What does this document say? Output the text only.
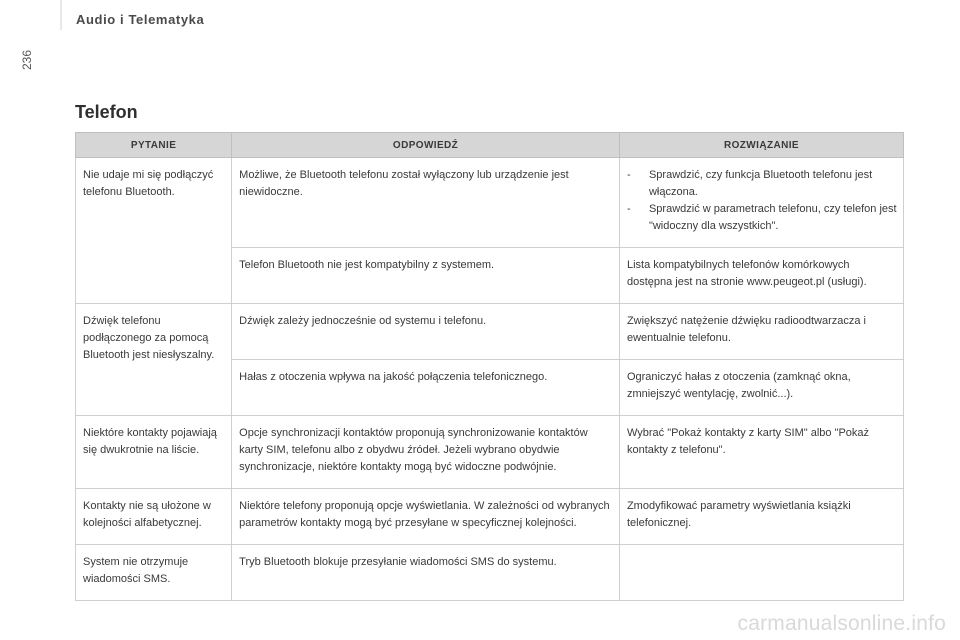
Audio i Telematyka
236
Telefon
PYTANIE	ODPOWIEDŹ	ROZWIĄZANIE
Nie udaje mi się podłączyć telefonu Bluetooth.	Możliwe, że Bluetooth telefonu został wyłączony lub urządzenie jest niewidoczne.	- Sprawdzić, czy funkcja Bluetooth telefonu jest włączona.
- Sprawdzić w parametrach telefonu, czy telefon jest "widoczny dla wszystkich".

	Telefon Bluetooth nie jest kompatybilny z systemem.	Lista kompatybilnych telefonów komórkowych dostępna jest na stronie www.peugeot.pl (usługi).
Dźwięk telefonu podłączonego za pomocą Bluetooth jest niesłyszalny.	Dźwięk zależy jednocześnie od systemu i telefonu.	Zwiększyć natężenie dźwięku radioodtwarzacza i ewentualnie telefonu.
	Hałas z otoczenia wpływa na jakość połączenia telefonicznego.	Ograniczyć hałas z otoczenia (zamknąć okna, zmniejszyć wentylację, zwolnić...).
Niektóre kontakty pojawiają się dwukrotnie na liście.	Opcje synchronizacji kontaktów proponują synchronizowanie kontaktów karty SIM, telefonu albo z obydwu źródeł. Jeżeli wybrano obydwie synchronizacje, niektóre kontakty mogą być widoczne podwójnie.	Wybrać "Pokaż kontakty z karty SIM" albo "Pokaż kontakty z telefonu".
Kontakty nie są ułożone w kolejności alfabetycznej.	Niektóre telefony proponują opcje wyświetlania. W zależności od wybranych parametrów kontakty mogą być przesyłane w specyficznej kolejności.	Zmodyfikować parametry wyświetlania książki telefonicznej.
System nie otrzymuje wiadomości SMS.	Tryb Bluetooth blokuje przesyłanie wiadomości SMS do systemu.	
carmanualsonline.info
